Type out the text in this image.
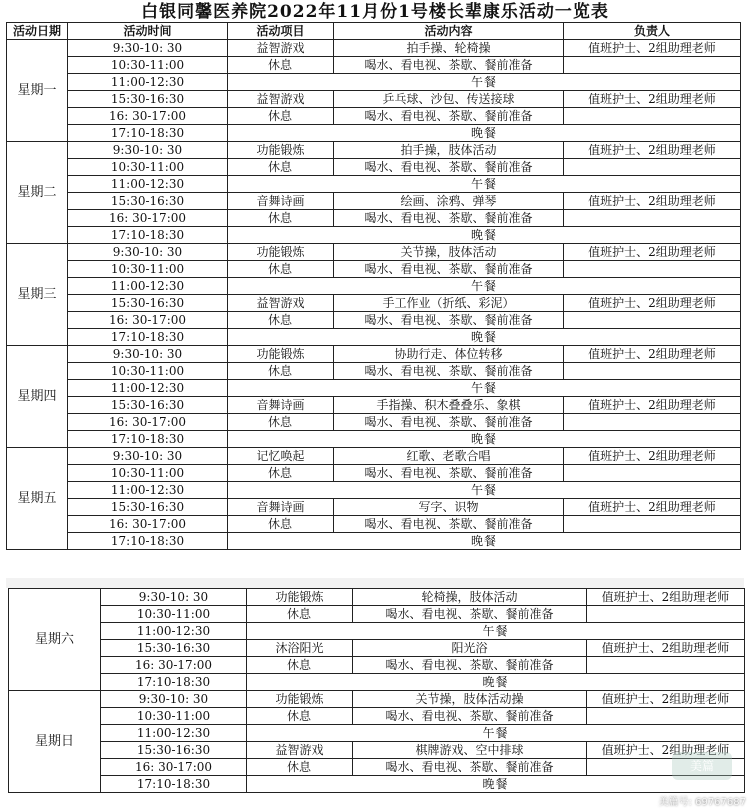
白银同馨医养院2022年11月份1号楼长辈康乐活动一览表
活动日期	活动时间	活动项目	活动内容	负责人
星期一	9:30-10: 30	益智游戏	拍手操、轮椅操	值班护士、2组助理老师
	10:30-11:00	休息	喝水、看电视、茶歇、餐前准备	
	11:00-12:30	午餐		
	15:30-16:30	益智游戏	乒乓球、沙包、传送接球	值班护士、2组助理老师
	16: 30-17:00	休息	喝水、看电视、茶歇、餐前准备	
	17:10-18:30	晚餐		
星期二	9:30-10: 30	功能锻炼	拍手操，肢体活动	值班护士、2组助理老师
	10:30-11:00	休息	喝水、看电视、茶歇、餐前准备	
	11:00-12:30	午餐		
	15:30-16:30	音舞诗画	绘画、涂鸦、弹琴	值班护士、2组助理老师
	16: 30-17:00	休息	喝水、看电视、茶歇、餐前准备	
	17:10-18:30	晚餐		
星期三	9:30-10: 30	功能锻炼	关节操，肢体活动	值班护士、2组助理老师
	10:30-11:00	休息	喝水、看电视、茶歇、餐前准备	
	11:00-12:30	午餐		
	15:30-16:30	益智游戏	手工作业（折纸、彩泥）	值班护士、2组助理老师
	16: 30-17:00	休息	喝水、看电视、茶歇、餐前准备	
	17:10-18:30	晚餐		
星期四	9:30-10: 30	功能锻炼	协助行走、体位转移	值班护士、2组助理老师
	10:30-11:00	休息	喝水、看电视、茶歇、餐前准备	
	11:00-12:30	午餐		
	15:30-16:30	音舞诗画	手指操、积木叠叠乐、象棋	值班护士、2组助理老师
	16: 30-17:00	休息	喝水、看电视、茶歇、餐前准备	
	17:10-18:30	晚餐		
星期五	9:30-10: 30	记忆唤起	红歌、老歌合唱	值班护士、2组助理老师
	10:30-11:00	休息	喝水、看电视、茶歇、餐前准备	
	11:00-12:30	午餐		
	15:30-16:30	音舞诗画	写字、识物	值班护士、2组助理老师
	16: 30-17:00	休息	喝水、看电视、茶歇、餐前准备	
	17:10-18:30	晚餐		
星期六	9:30-10: 30	功能锻炼	轮椅操，肢体活动	值班护士、2组助理老师
	10:30-11:00	休息	喝水、看电视、茶歇、餐前准备	
	11:00-12:30	午餐		
	15:30-16:30	沐浴阳光	阳光浴	值班护士、2组助理老师
	16: 30-17:00	休息	喝水、看电视、茶歇、餐前准备	
	17:10-18:30	晚餐		
星期日	9:30-10: 30	功能锻炼	关节操，肢体活动操	值班护士、2组助理老师
	10:30-11:00	休息	喝水、看电视、茶歇、餐前准备	
	11:00-12:30	午餐		
	15:30-16:30	益智游戏	棋牌游戏、空中排球	值班护士、2组助理老师
	16: 30-17:00	休息	喝水、看电视、茶歇、餐前准备	
	17:10-18:30	晚餐		
美篇
美篇号: 69767687
